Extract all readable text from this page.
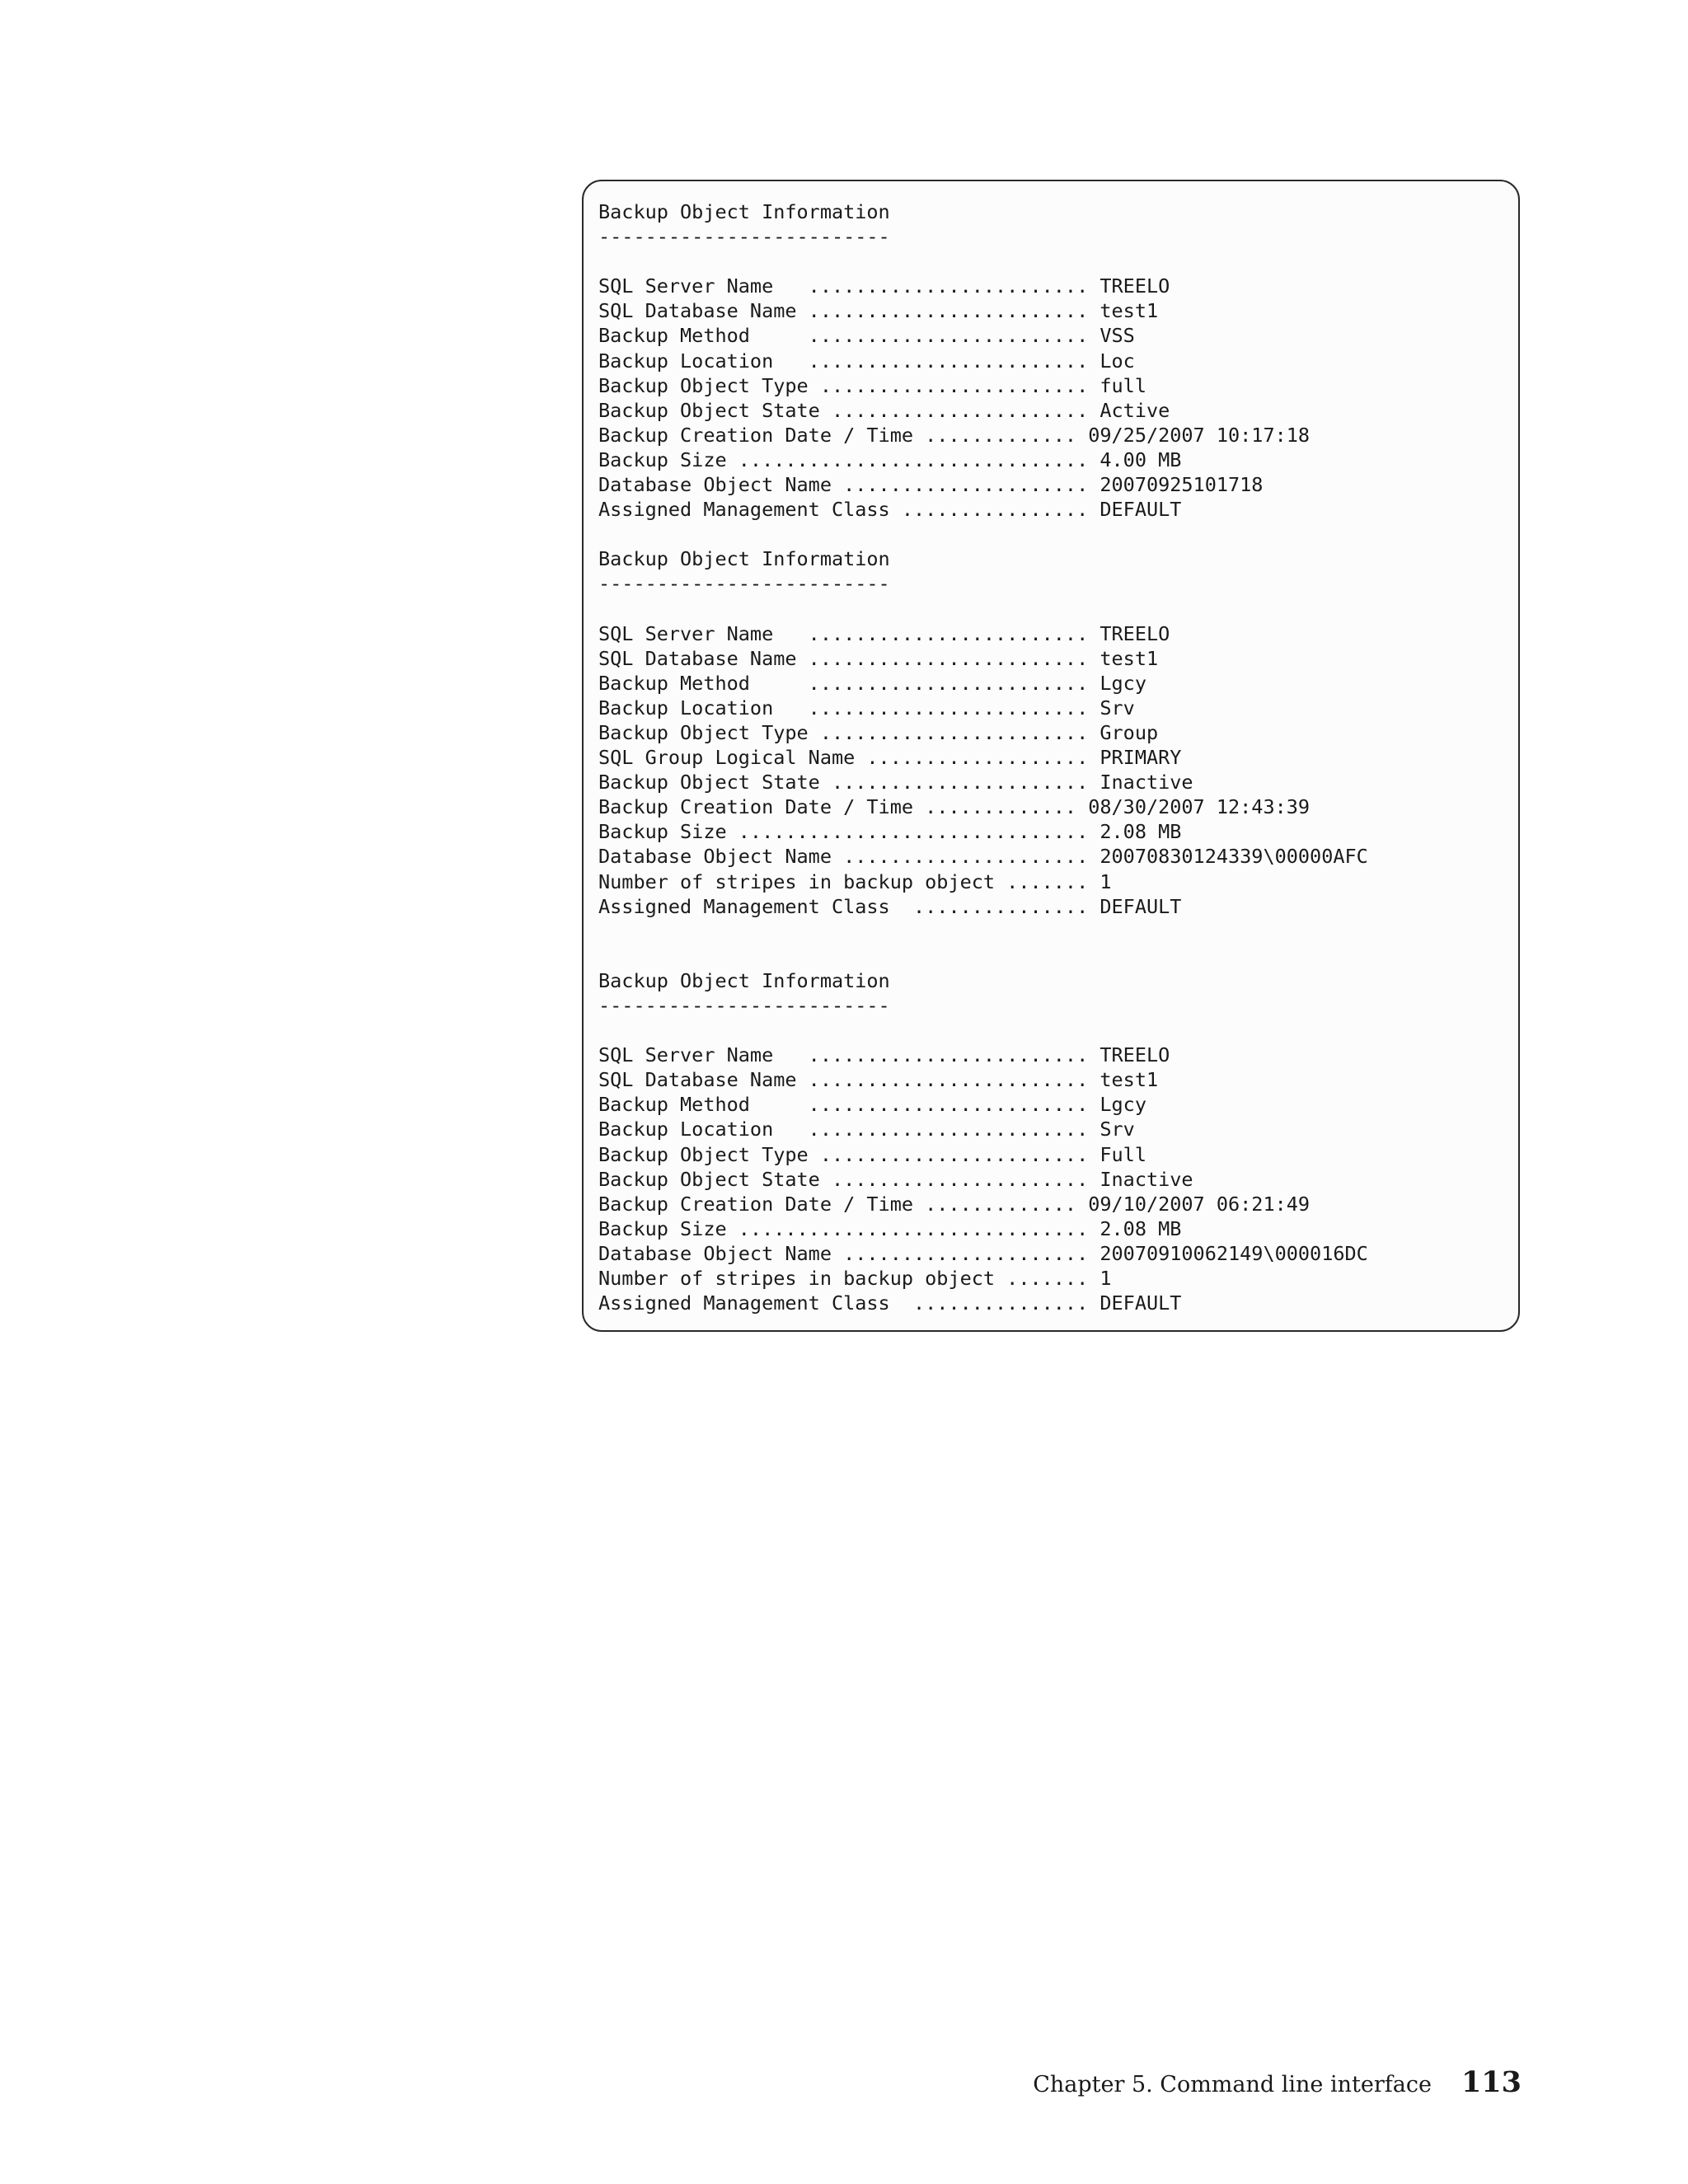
Backup Object Information
-------------------------

SQL Server Name   ........................ TREELO
SQL Database Name ........................ test1
Backup Method     ........................ VSS
Backup Location   ........................ Loc
Backup Object Type ....................... full
Backup Object State ...................... Active
Backup Creation Date / Time ............. 09/25/2007 10:17:18
Backup Size .............................. 4.00 MB
Database Object Name ..................... 20070925101718
Assigned Management Class ................ DEFAULT

Backup Object Information
-------------------------

SQL Server Name   ........................ TREELO
SQL Database Name ........................ test1
Backup Method     ........................ Lgcy
Backup Location   ........................ Srv
Backup Object Type ....................... Group
SQL Group Logical Name ................... PRIMARY
Backup Object State ...................... Inactive
Backup Creation Date / Time ............. 08/30/2007 12:43:39
Backup Size .............................. 2.08 MB
Database Object Name ..................... 20070830124339\00000AFC
Number of stripes in backup object ....... 1
Assigned Management Class  ............... DEFAULT

Backup Object Information
-------------------------

SQL Server Name   ........................ TREELO
SQL Database Name ........................ test1
Backup Method     ........................ Lgcy
Backup Location   ........................ Srv
Backup Object Type ....................... Full
Backup Object State ...................... Inactive
Backup Creation Date / Time ............. 09/10/2007 06:21:49
Backup Size .............................. 2.08 MB
Database Object Name ..................... 20070910062149\000016DC
Number of stripes in backup object ....... 1
Assigned Management Class  ............... DEFAULT
Chapter 5. Command line interface 113
